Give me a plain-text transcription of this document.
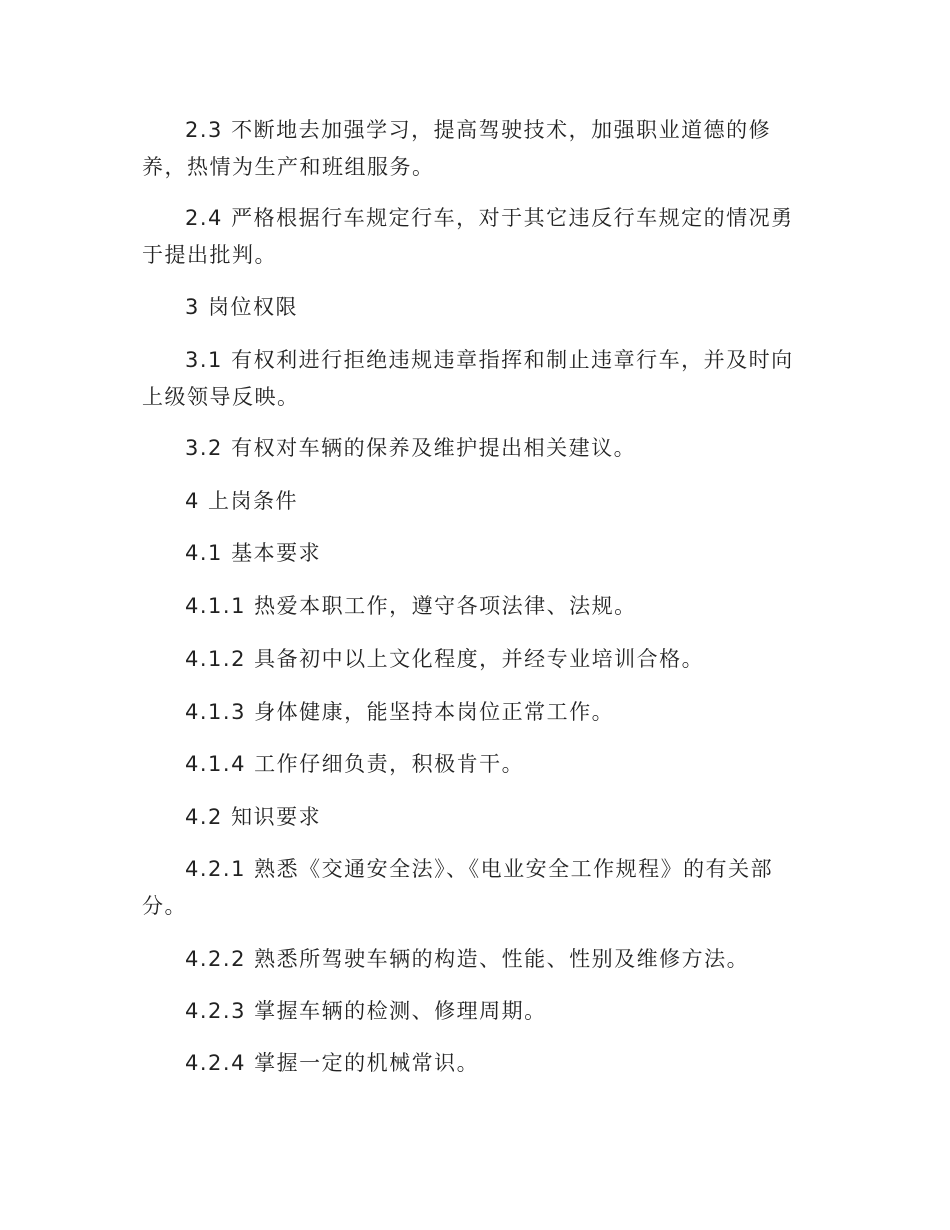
2.3 不断地去加强学习，提高驾驶技术，加强职业道德的修养，热情为生产和班组服务。

2.4 严格根据行车规定行车，对于其它违反行车规定的情况勇于提出批判。

3 岗位权限

3.1 有权利进行拒绝违规违章指挥和制止违章行车，并及时向上级领导反映。

3.2 有权对车辆的保养及维护提出相关建议。

4 上岗条件

4.1 基本要求

4.1.1 热爱本职工作，遵守各项法律、法规。

4.1.2 具备初中以上文化程度，并经专业培训合格。

4.1.3 身体健康，能坚持本岗位正常工作。

4.1.4 工作仔细负责，积极肯干。

4.2 知识要求

4.2.1 熟悉《交通安全法》、《电业安全工作规程》的有关部分。

4.2.2 熟悉所驾驶车辆的构造、性能、性别及维修方法。

4.2.3 掌握车辆的检测、修理周期。

4.2.4 掌握一定的机械常识。
